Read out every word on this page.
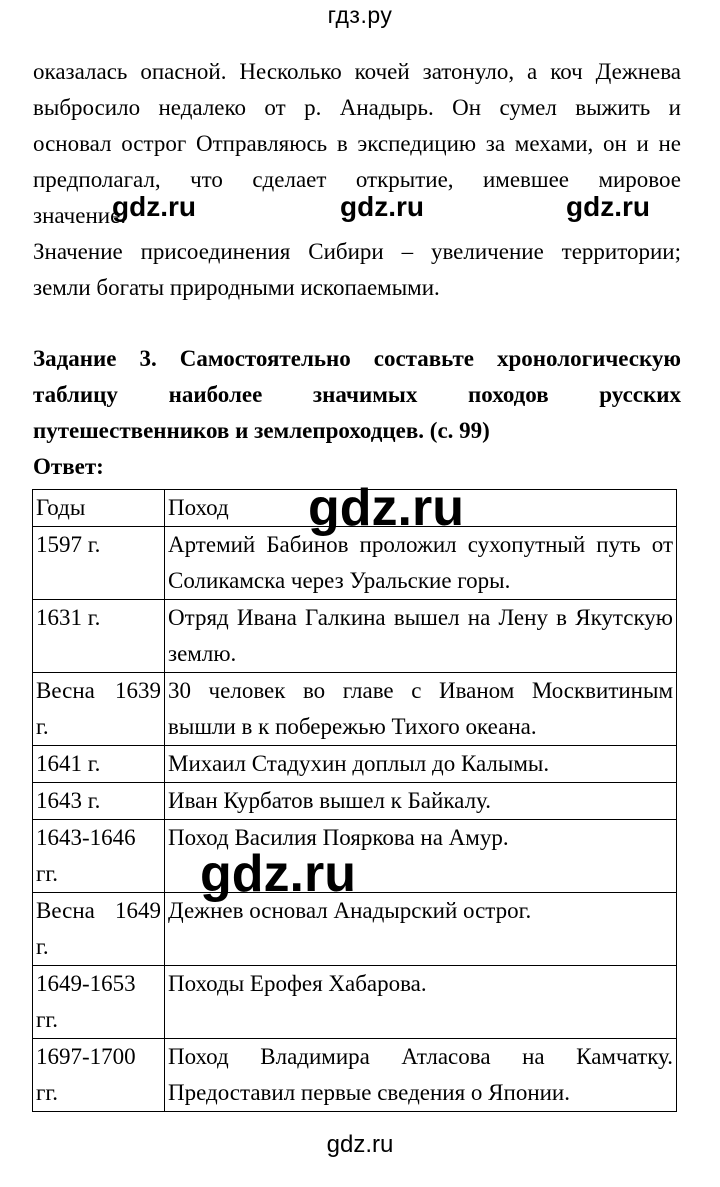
гдз.ру
оказалась опасной. Несколько кочей затонуло, а коч Дежнева
выбросило недалеко от р. Анадырь. Он сумел выжить и
основал острог Отправляюсь в экспедицию за мехами, он и не
предполагал, что сделает открытие, имевшее мировое
значение.
gdz.ru	gdz.ru	gdz.ru
Значение присоединения Сибири – увеличение территории;
земли богаты природными ископаемыми.
Задание 3. Самостоятельно составьте хронологическую
таблицу наиболее значимых походов русских
путешественников и землепроходцев. (с. 99)
Ответ:
Годы	Поход
1597 г.	Артемий Бабинов проложил сухопутный путь от Соликамска через Уральские горы.
1631 г.	Отряд Ивана Галкина вышел на Лену в Якутскую землю.
Весна 1639 г.	30 человек во главе с Иваном Москвитиным вышли в к побережью Тихого океана.
1641 г.	Михаил Стадухин доплыл до Калымы.
1643 г.	Иван Курбатов вышел к Байкалу.
1643-1646 гг.	Поход Василия Пояркова на Амур.
Весна 1649 г.	Дежнев основал Анадырский острог.
1649-1653 гг.	Походы Ерофея Хабарова.
1697-1700 гг.	Поход Владимира Атласова на Камчатку. Предоставил первые сведения о Японии.
gdz.ru
gdz.ru
gdz.ru
